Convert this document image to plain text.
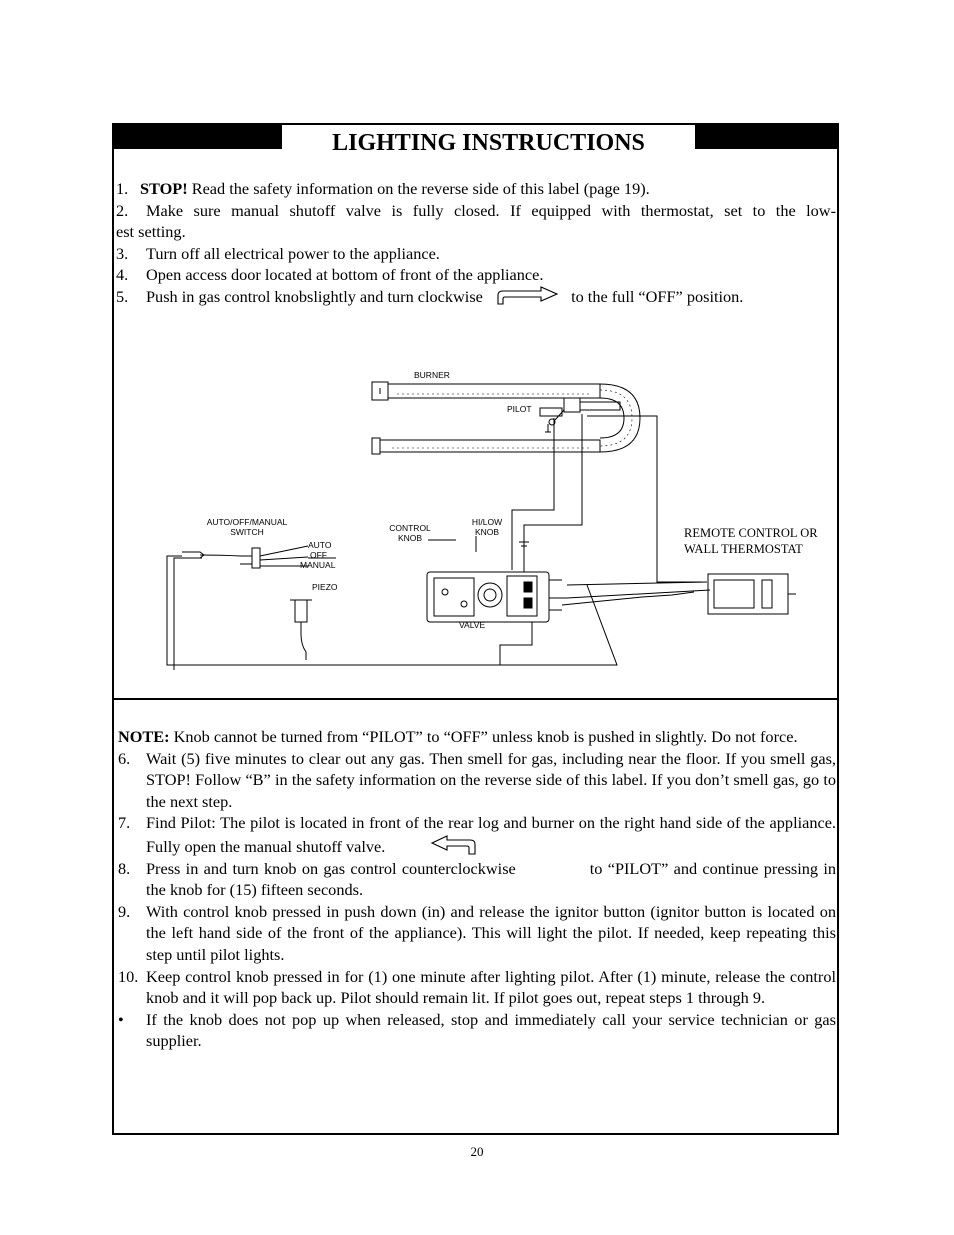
LIGHTING INSTRUCTIONS
1. STOP! Read the safety information on the reverse side of this label (page 19).
2. Make sure manual shutoff valve is fully closed. If equipped with thermostat, set to the low-
est setting.
3. Turn off all electrical power to the appliance.
4. Open access door located at bottom of front of the appliance.
5. Push in gas control knobslightly and turn clockwise	to the full “OFF” position.
BURNER
PILOT
AUTO/OFF/MANUAL
SWITCH
AUTO
OFF
MANUAL
CONTROL
KNOB
HI/LOW
KNOB
PIEZO
VALVE
REMOTE CONTROL OR
WALL THERMOSTAT
NOTE: Knob cannot be turned from “PILOT” to “OFF” unless knob is pushed in slightly. Do not force.
6. Wait (5) five minutes to clear out any gas. Then smell for gas, including near the floor. If you smell gas, STOP! Follow “B” in the safety information on the reverse side of this label. If you don’t smell gas, go to the next step.
7. Find Pilot: The pilot is located in front of the rear log and burner on the right hand side of the appliance. Fully open the manual shutoff valve.
8. Press in and turn knob on gas control counterclockwise	to “PILOT” and continue pressing in the knob for (15) fifteen seconds.
9. With control knob pressed in push down (in) and release the ignitor button (ignitor button is located on the left hand side of the front of the appliance). This will light the pilot. If needed, keep repeating this step until pilot lights.
10. Keep control knob pressed in for (1) one minute after lighting pilot. After (1) minute, release the control knob and it will pop back up. Pilot should remain lit. If pilot goes out, repeat steps 1 through 9.
•	If the knob does not pop up when released, stop and immediately call your service technician or gas supplier.
20
